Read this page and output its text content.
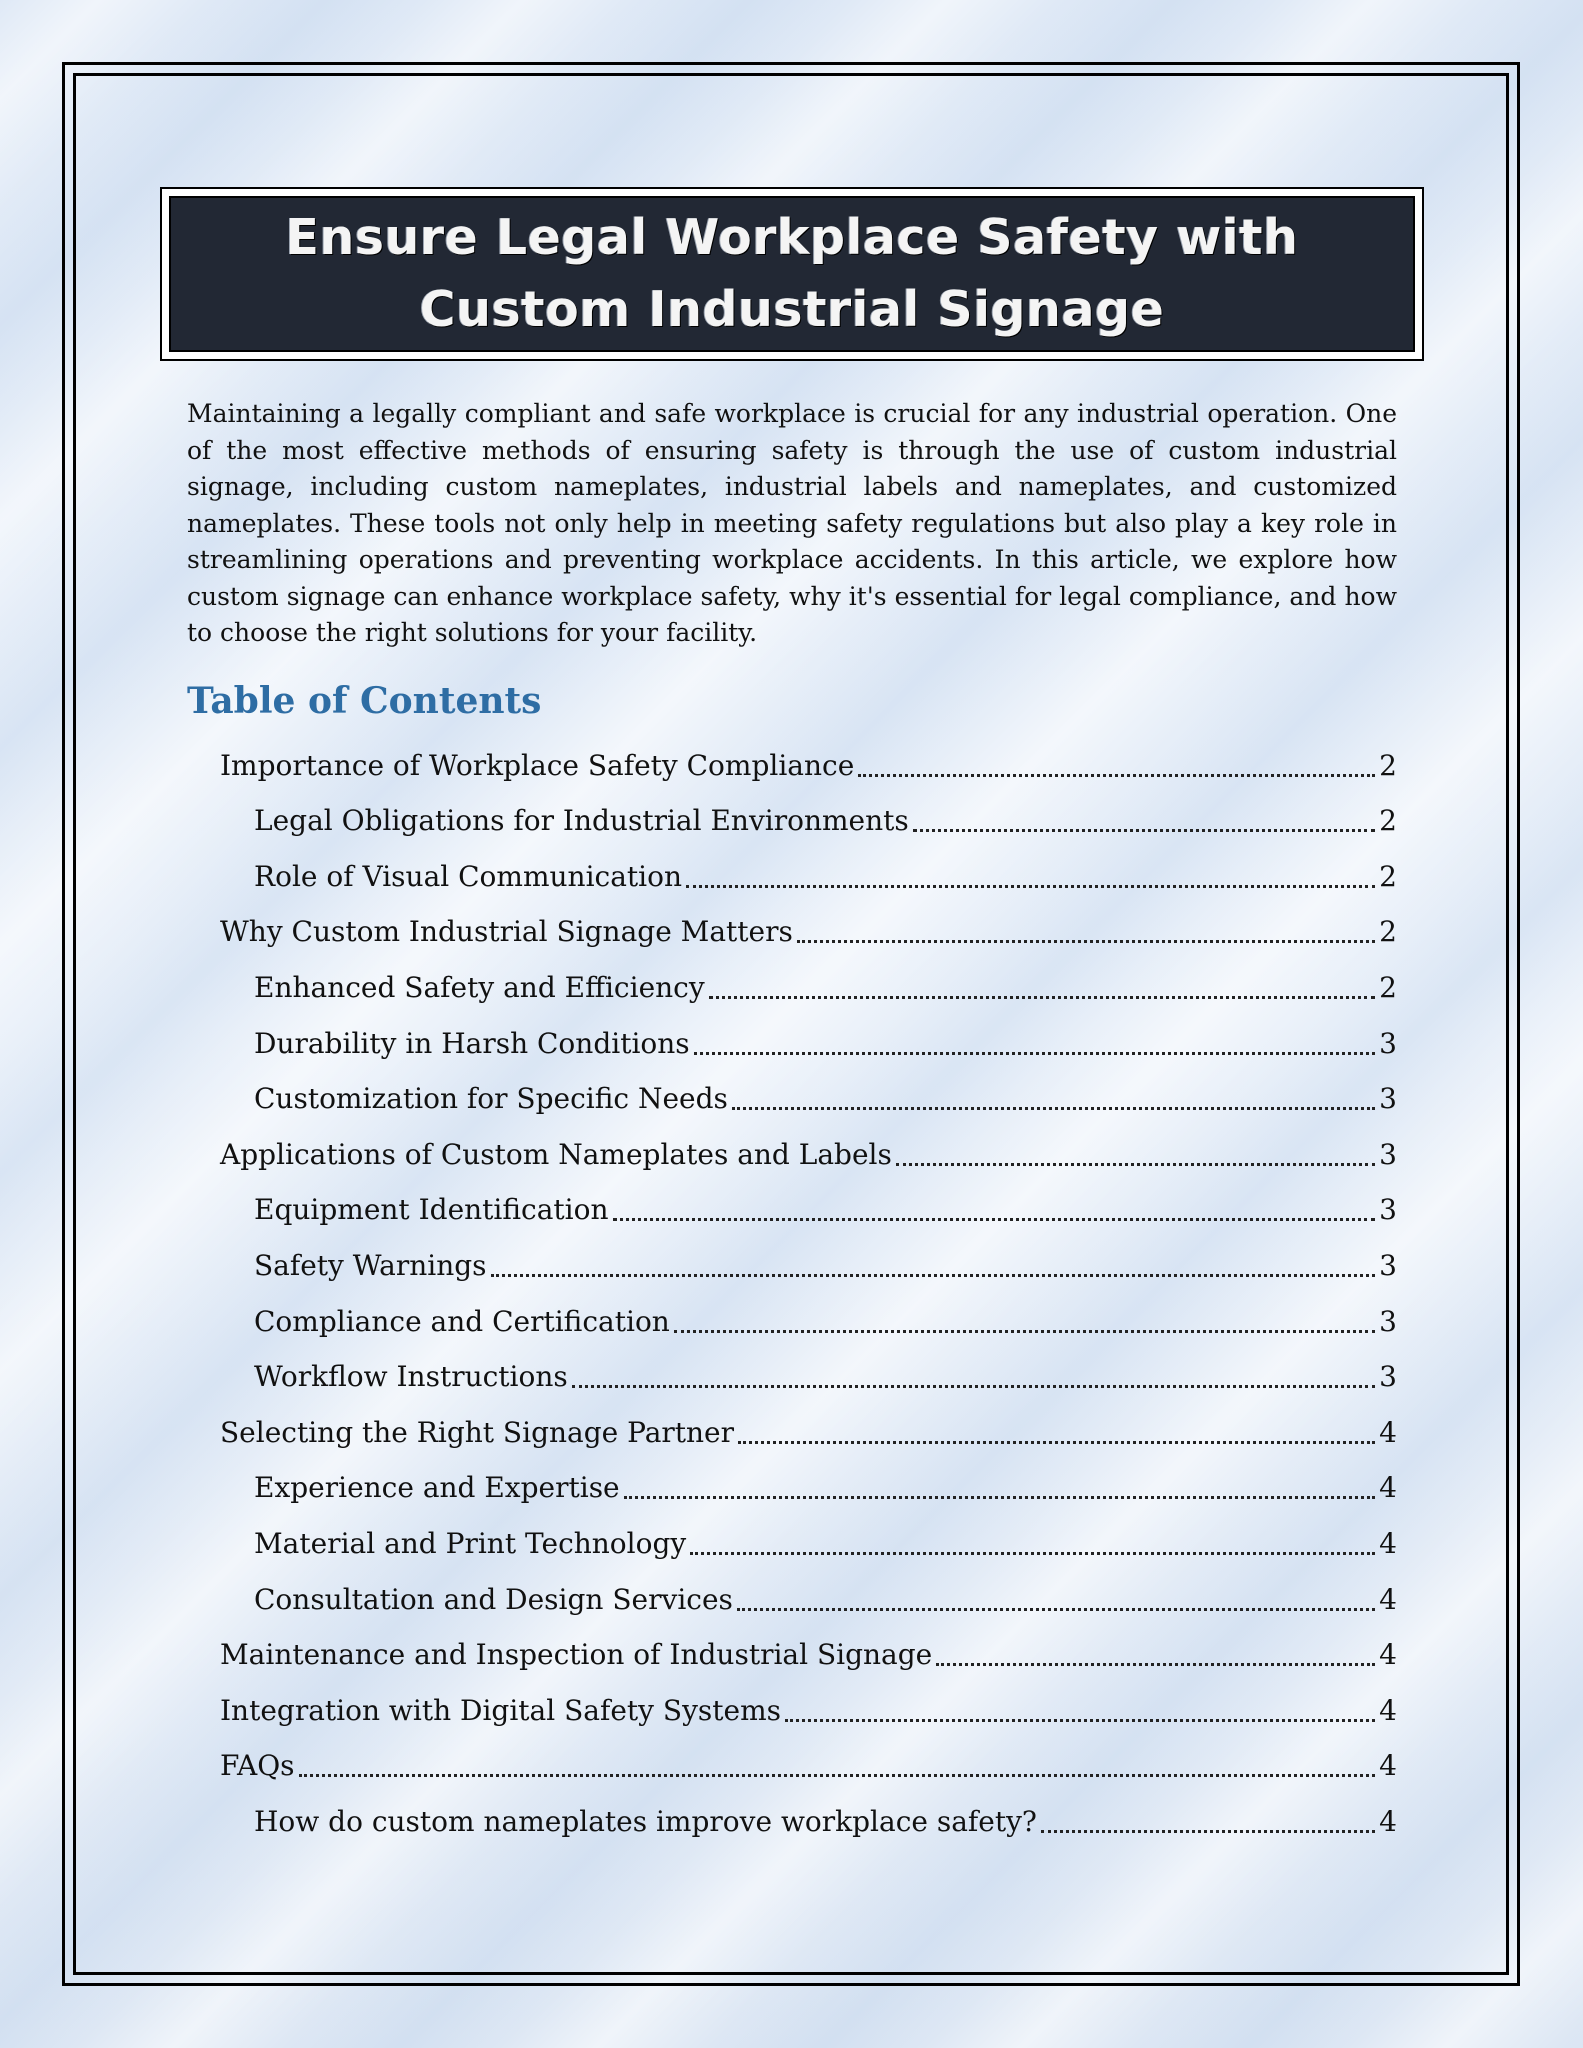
Ensure Legal Workplace Safety with
Custom Industrial Signage

Maintaining a legally compliant and safe workplace is crucial for any industrial operation. One of the most effective methods of ensuring safety is through the use of custom industrial signage, including custom nameplates, industrial labels and nameplates, and customized nameplates. These tools not only help in meeting safety regulations but also play a key role in streamlining operations and preventing workplace accidents. In this article, we explore how custom signage can enhance workplace safety, why it's essential for legal compliance, and how to choose the right solutions for your facility.

Table of Contents
Importance of Workplace Safety Compliance	2
Legal Obligations for Industrial Environments	2
Role of Visual Communication	2
Why Custom Industrial Signage Matters	2
Enhanced Safety and Efficiency	2
Durability in Harsh Conditions	3
Customization for Specific Needs	3
Applications of Custom Nameplates and Labels	3
Equipment Identification	3
Safety Warnings	3
Compliance and Certification	3
Workflow Instructions	3
Selecting the Right Signage Partner	4
Experience and Expertise	4
Material and Print Technology	4
Consultation and Design Services	4
Maintenance and Inspection of Industrial Signage	4
Integration with Digital Safety Systems	4
FAQs	4
How do custom nameplates improve workplace safety?	4
